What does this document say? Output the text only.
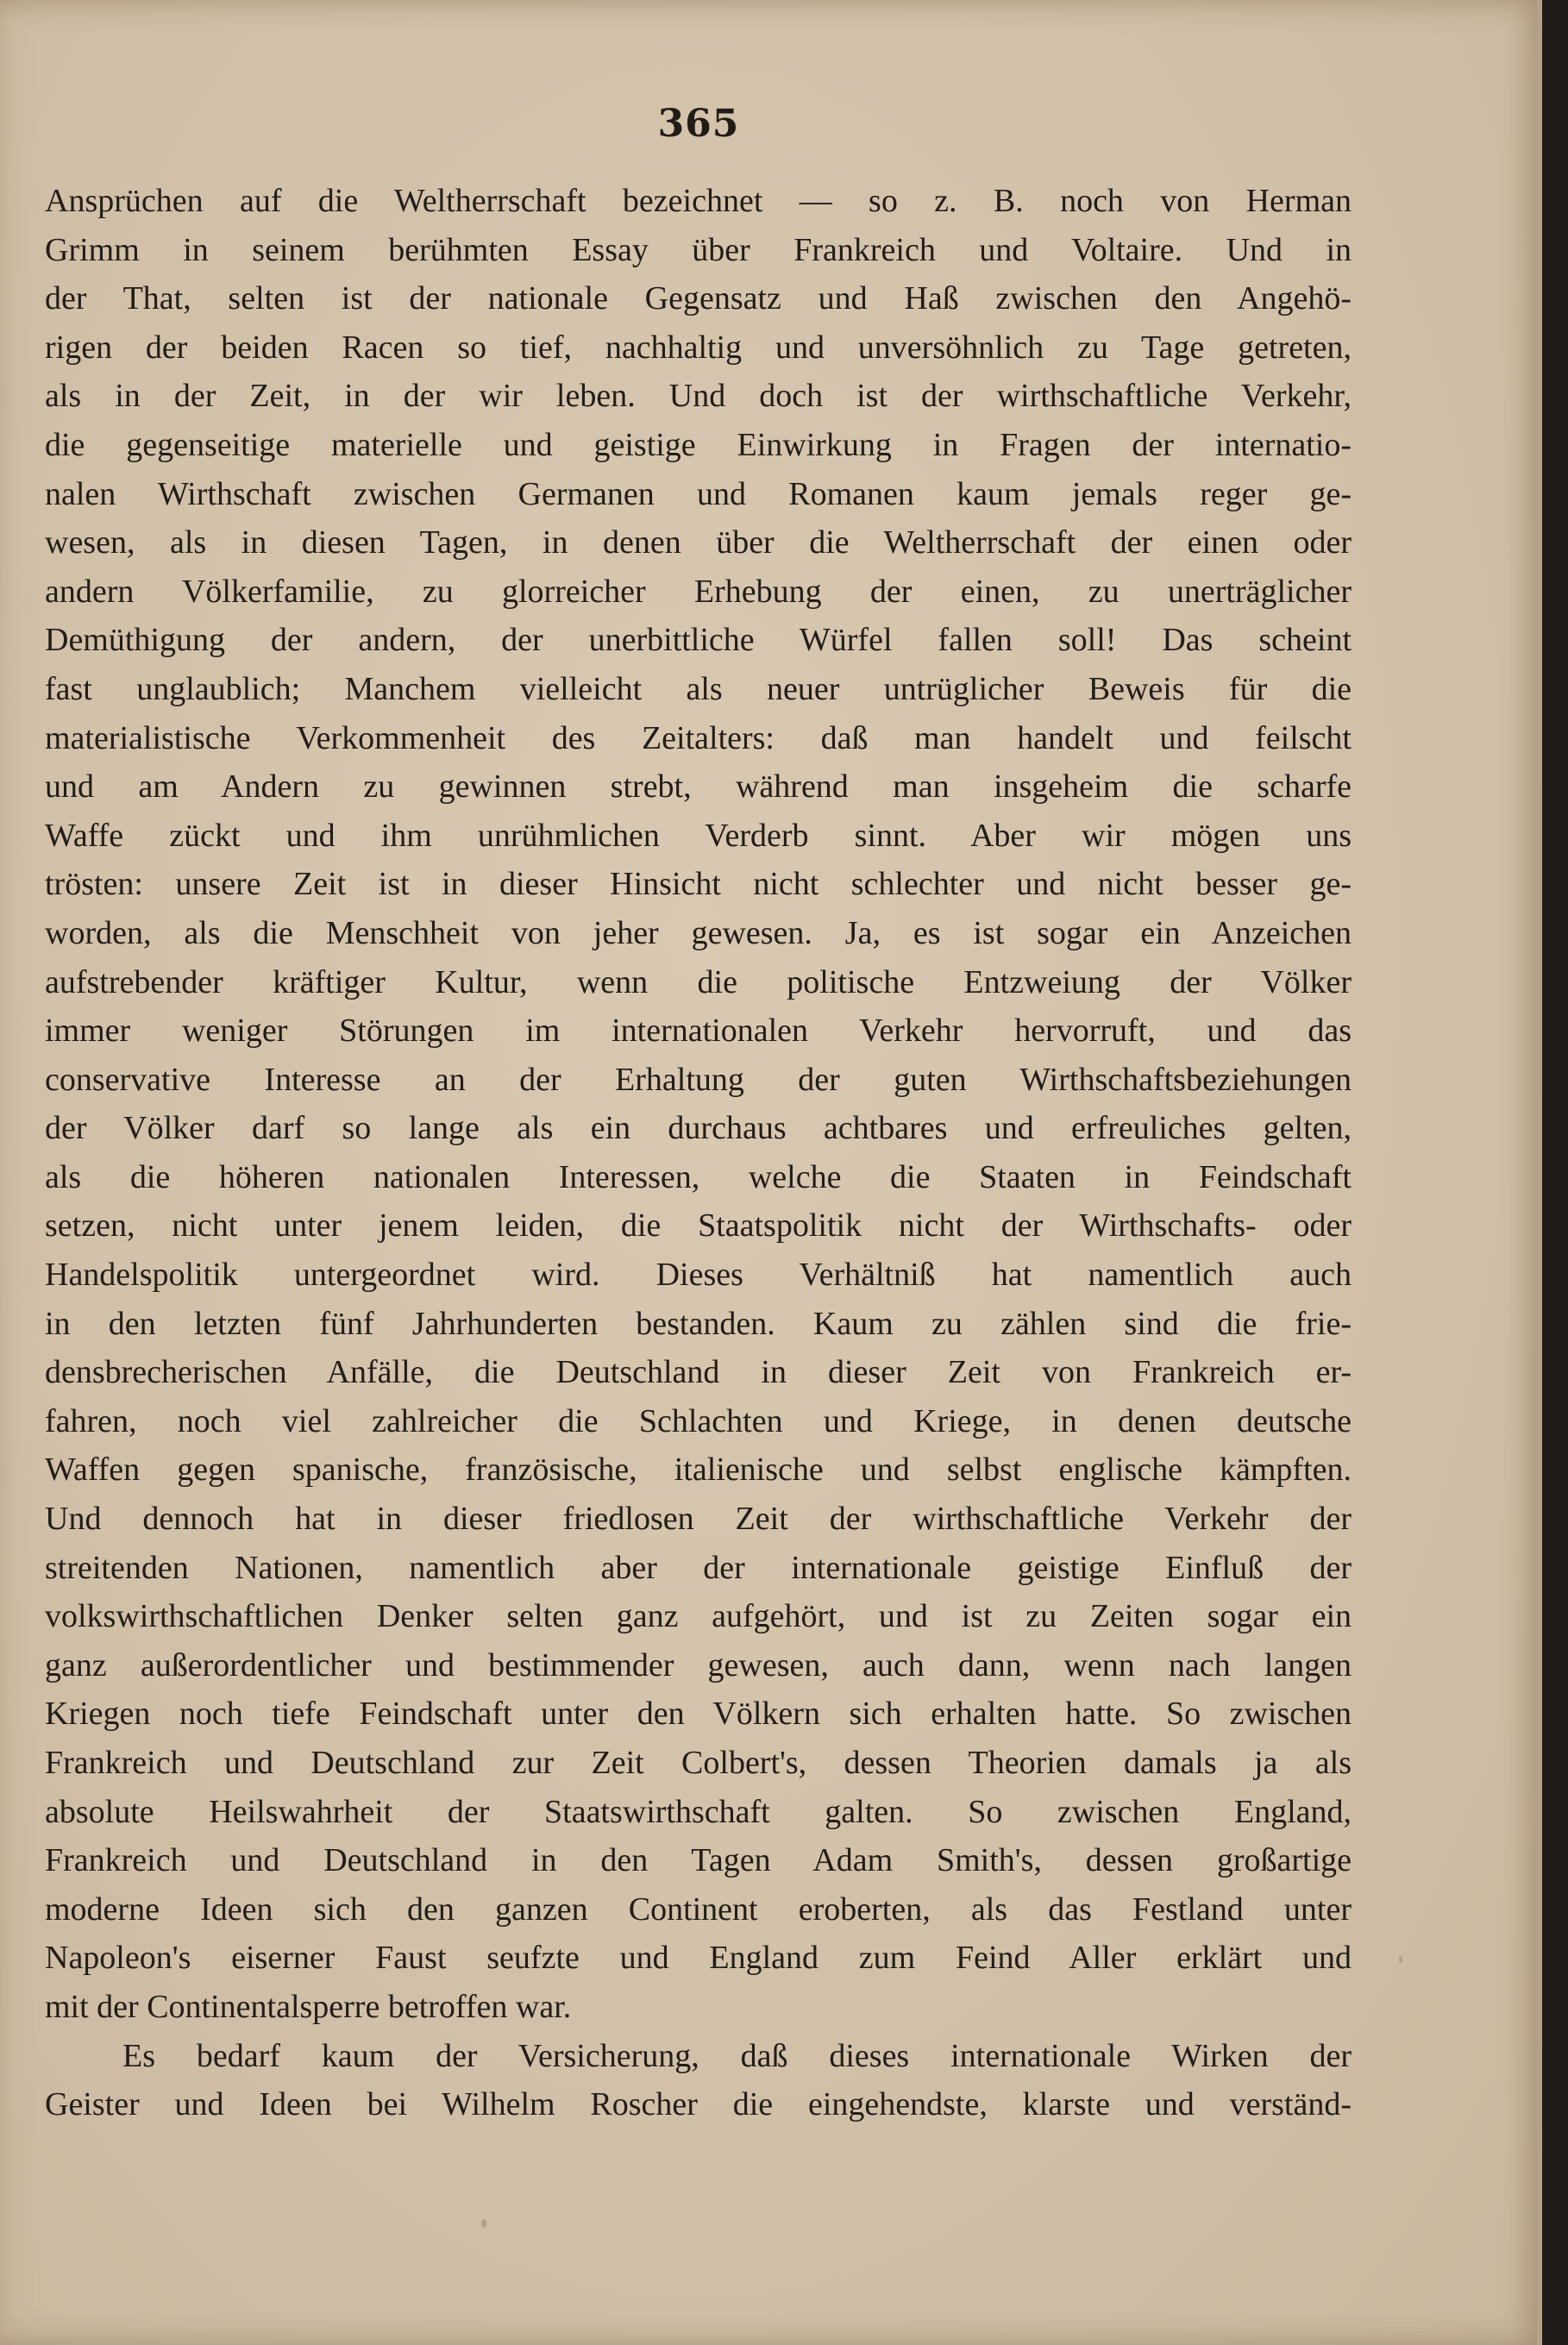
365
Ansprüchen auf die Weltherrschaft bezeichnet — so z. B. noch von Herman
Grimm in seinem berühmten Essay über Frankreich und Voltaire. Und in
der That, selten ist der nationale Gegensatz und Haß zwischen den Angehö-
rigen der beiden Racen so tief, nachhaltig und unversöhnlich zu Tage getreten,
als in der Zeit, in der wir leben. Und doch ist der wirthschaftliche Verkehr,
die gegenseitige materielle und geistige Einwirkung in Fragen der internatio-
nalen Wirthschaft zwischen Germanen und Romanen kaum jemals reger ge-
wesen, als in diesen Tagen, in denen über die Weltherrschaft der einen oder
andern Völkerfamilie, zu glorreicher Erhebung der einen, zu unerträglicher
Demüthigung der andern, der unerbittliche Würfel fallen soll! Das scheint
fast unglaublich; Manchem vielleicht als neuer untrüglicher Beweis für die
materialistische Verkommenheit des Zeitalters: daß man handelt und feilscht
und am Andern zu gewinnen strebt, während man insgeheim die scharfe
Waffe zückt und ihm unrühmlichen Verderb sinnt. Aber wir mögen uns
trösten: unsere Zeit ist in dieser Hinsicht nicht schlechter und nicht besser ge-
worden, als die Menschheit von jeher gewesen. Ja, es ist sogar ein Anzeichen
aufstrebender kräftiger Kultur, wenn die politische Entzweiung der Völker
immer weniger Störungen im internationalen Verkehr hervorruft, und das
conservative Interesse an der Erhaltung der guten Wirthschaftsbeziehungen
der Völker darf so lange als ein durchaus achtbares und erfreuliches gelten,
als die höheren nationalen Interessen, welche die Staaten in Feindschaft
setzen, nicht unter jenem leiden, die Staatspolitik nicht der Wirthschafts- oder
Handelspolitik untergeordnet wird. Dieses Verhältniß hat namentlich auch
in den letzten fünf Jahrhunderten bestanden. Kaum zu zählen sind die frie-
densbrecherischen Anfälle, die Deutschland in dieser Zeit von Frankreich er-
fahren, noch viel zahlreicher die Schlachten und Kriege, in denen deutsche
Waffen gegen spanische, französische, italienische und selbst englische kämpften.
Und dennoch hat in dieser friedlosen Zeit der wirthschaftliche Verkehr der
streitenden Nationen, namentlich aber der internationale geistige Einfluß der
volkswirthschaftlichen Denker selten ganz aufgehört, und ist zu Zeiten sogar ein
ganz außerordentlicher und bestimmender gewesen, auch dann, wenn nach langen
Kriegen noch tiefe Feindschaft unter den Völkern sich erhalten hatte. So zwischen
Frankreich und Deutschland zur Zeit Colbert's, dessen Theorien damals ja als
absolute Heilswahrheit der Staatswirthschaft galten. So zwischen England,
Frankreich und Deutschland in den Tagen Adam Smith's, dessen großartige
moderne Ideen sich den ganzen Continent eroberten, als das Festland unter
Napoleon's eiserner Faust seufzte und England zum Feind Aller erklärt und
mit der Continentalsperre betroffen war.
Es bedarf kaum der Versicherung, daß dieses internationale Wirken der
Geister und Ideen bei Wilhelm Roscher die eingehendste, klarste und verständ-
